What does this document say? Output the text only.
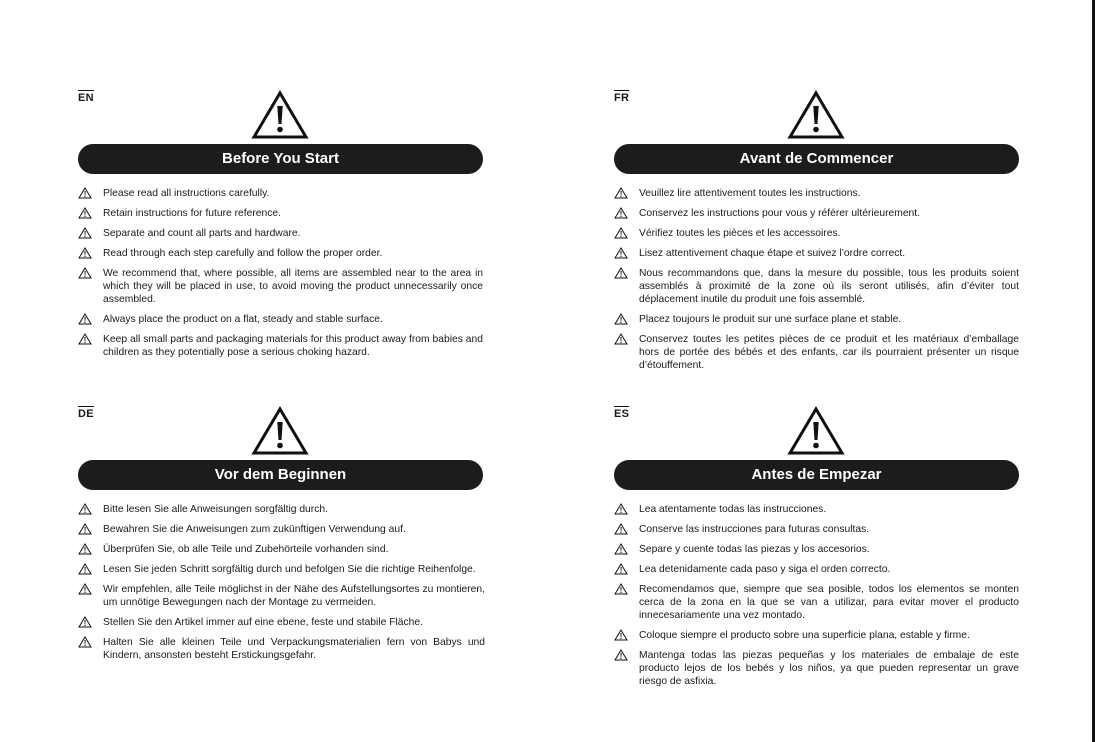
EN
Before You Start
Please read all instructions carefully.
Retain instructions for future reference.
Separate and count all parts and hardware.
Read through each step carefully and follow the proper order.
We recommend that, where possible, all items are assembled near to the area in which they will be placed in use, to avoid moving the product unnecessarily once assembled.
Always place the product on a flat, steady and stable surface.
Keep all small parts and packaging materials for this product away from babies and children as they potentially pose a serious choking hazard.
FR
Avant de Commencer
Veuillez lire attentivement toutes les instructions.
Conservez les instructions pour vous y référer ultérieurement.
Vérifiez toutes les pièces et les accessoires.
Lisez attentivement chaque étape et suivez l’ordre correct.
Nous recommandons que, dans la mesure du possible, tous les produits soient assemblés à proximité de la zone où ils seront utilisés, afin d’éviter tout déplacement inutile du produit une fois assemblé.
Placez toujours le produit sur une surface plane et stable.
Conservez toutes les petites pièces de ce produit et les matériaux d’emballage hors de portée des bébés et des enfants, car ils pourraient présenter un risque d’étouffement.
DE
Vor dem Beginnen
Bitte lesen Sie alle Anweisungen sorgfältig durch.
Bewahren Sie die Anweisungen zum zukünftigen Verwendung auf.
Überprüfen Sie, ob alle Teile und Zubehörteile vorhanden sind.
Lesen Sie jeden Schritt sorgfältig durch und befolgen Sie die richtige Reihenfolge.
Wir empfehlen, alle Teile möglichst in der Nähe des Aufstellungsortes zu montieren, um unnötige Bewegungen nach der Montage zu vermeiden.
Stellen Sie den Artikel immer auf eine ebene, feste und stabile Fläche.
Halten Sie alle kleinen Teile und Verpackungsmaterialien fern von Babys und Kindern, ansonsten besteht Erstickungsgefahr.
ES
Antes de Empezar
Lea atentamente todas las instrucciones.
Conserve las instrucciones para futuras consultas.
Separe y cuente todas las piezas y los accesorios.
Lea detenidamente cada paso y siga el orden correcto.
Recomendamos que, siempre que sea posible, todos los elementos se monten cerca de la zona en la que se van a utilizar, para evitar mover el producto innecesariamente una vez montado.
Coloque siempre el producto sobre una superficie plana, estable y firme.
Mantenga todas las piezas pequeñas y los materiales de embalaje de este producto lejos de los bebés y los niños, ya que pueden representar un grave riesgo de asfixia.
